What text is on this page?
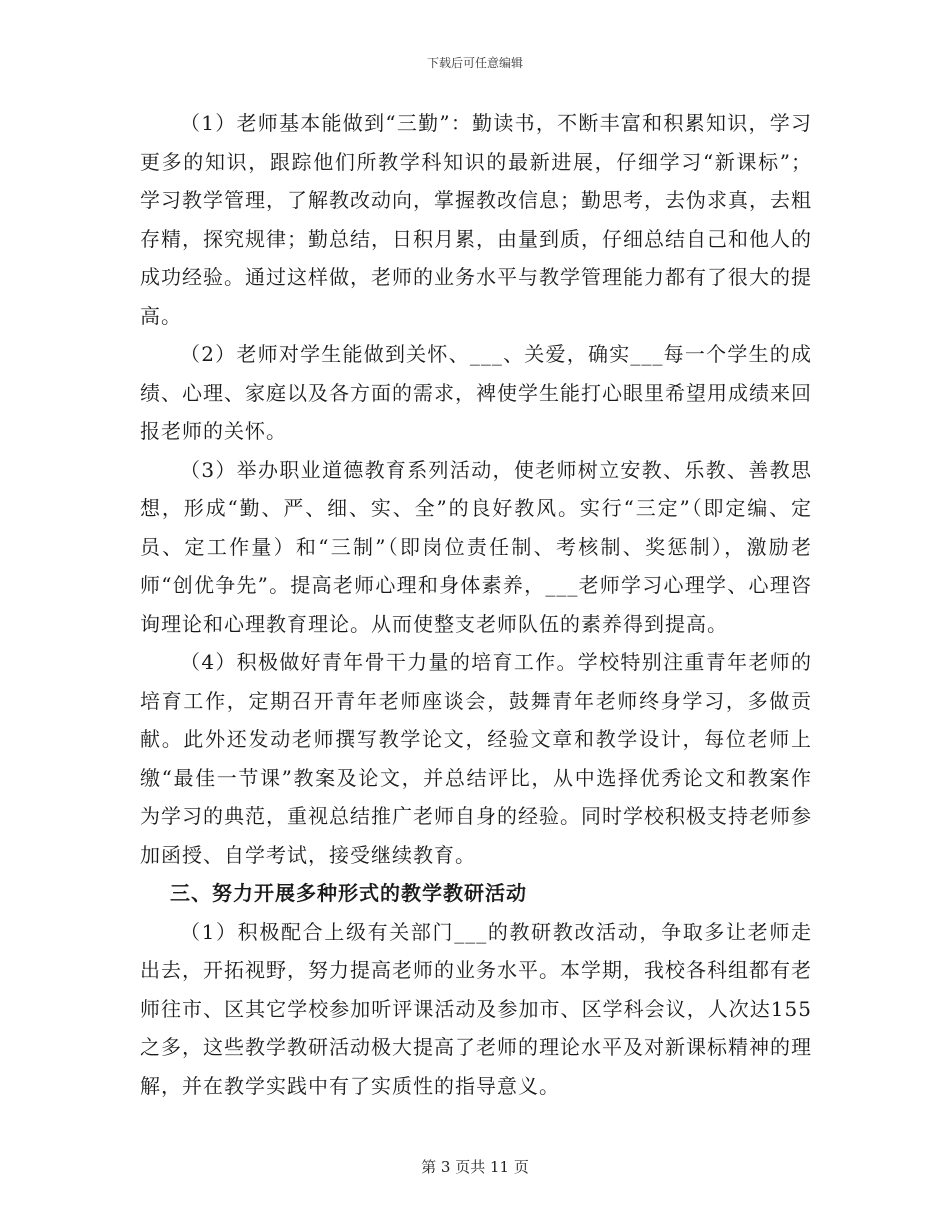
下载后可任意编辑

（1）老师基本能做到“三勤”：勤读书，不断丰富和积累知识，学习更多的知识，跟踪他们所教学科知识的最新进展，仔细学习“新课标”；学习教学管理，了解教改动向，掌握教改信息；勤思考，去伪求真，去粗存精，探究规律；勤总结，日积月累，由量到质，仔细总结自己和他人的成功经验。通过这样做，老师的业务水平与教学管理能力都有了很大的提高。

（2）老师对学生能做到关怀、___、关爱，确实___每一个学生的成绩、心理、家庭以及各方面的需求，裨使学生能打心眼里希望用成绩来回报老师的关怀。

（3）举办职业道德教育系列活动，使老师树立安教、乐教、善教思想，形成“勤、严、细、实、全”的良好教风。实行“三定”（即定编、定员、定工作量）和“三制”（即岗位责任制、考核制、奖惩制），激励老师“创优争先”。提高老师心理和身体素养，___老师学习心理学、心理咨询理论和心理教育理论。从而使整支老师队伍的素养得到提高。

（4）积极做好青年骨干力量的培育工作。学校特别注重青年老师的培育工作，定期召开青年老师座谈会，鼓舞青年老师终身学习，多做贡献。此外还发动老师撰写教学论文，经验文章和教学设计，每位老师上缴“最佳一节课”教案及论文，并总结评比，从中选择优秀论文和教案作为学习的典范，重视总结推广老师自身的经验。同时学校积极支持老师参加函授、自学考试，接受继续教育。

三、努力开展多种形式的教学教研活动

（1）积极配合上级有关部门___的教研教改活动，争取多让老师走出去，开拓视野，努力提高老师的业务水平。本学期，我校各科组都有老师往市、区其它学校参加听评课活动及参加市、区学科会议，人次达155之多，这些教学教研活动极大提高了老师的理论水平及对新课标精神的理解，并在教学实践中有了实质性的指导意义。

第 3 页共 11 页
